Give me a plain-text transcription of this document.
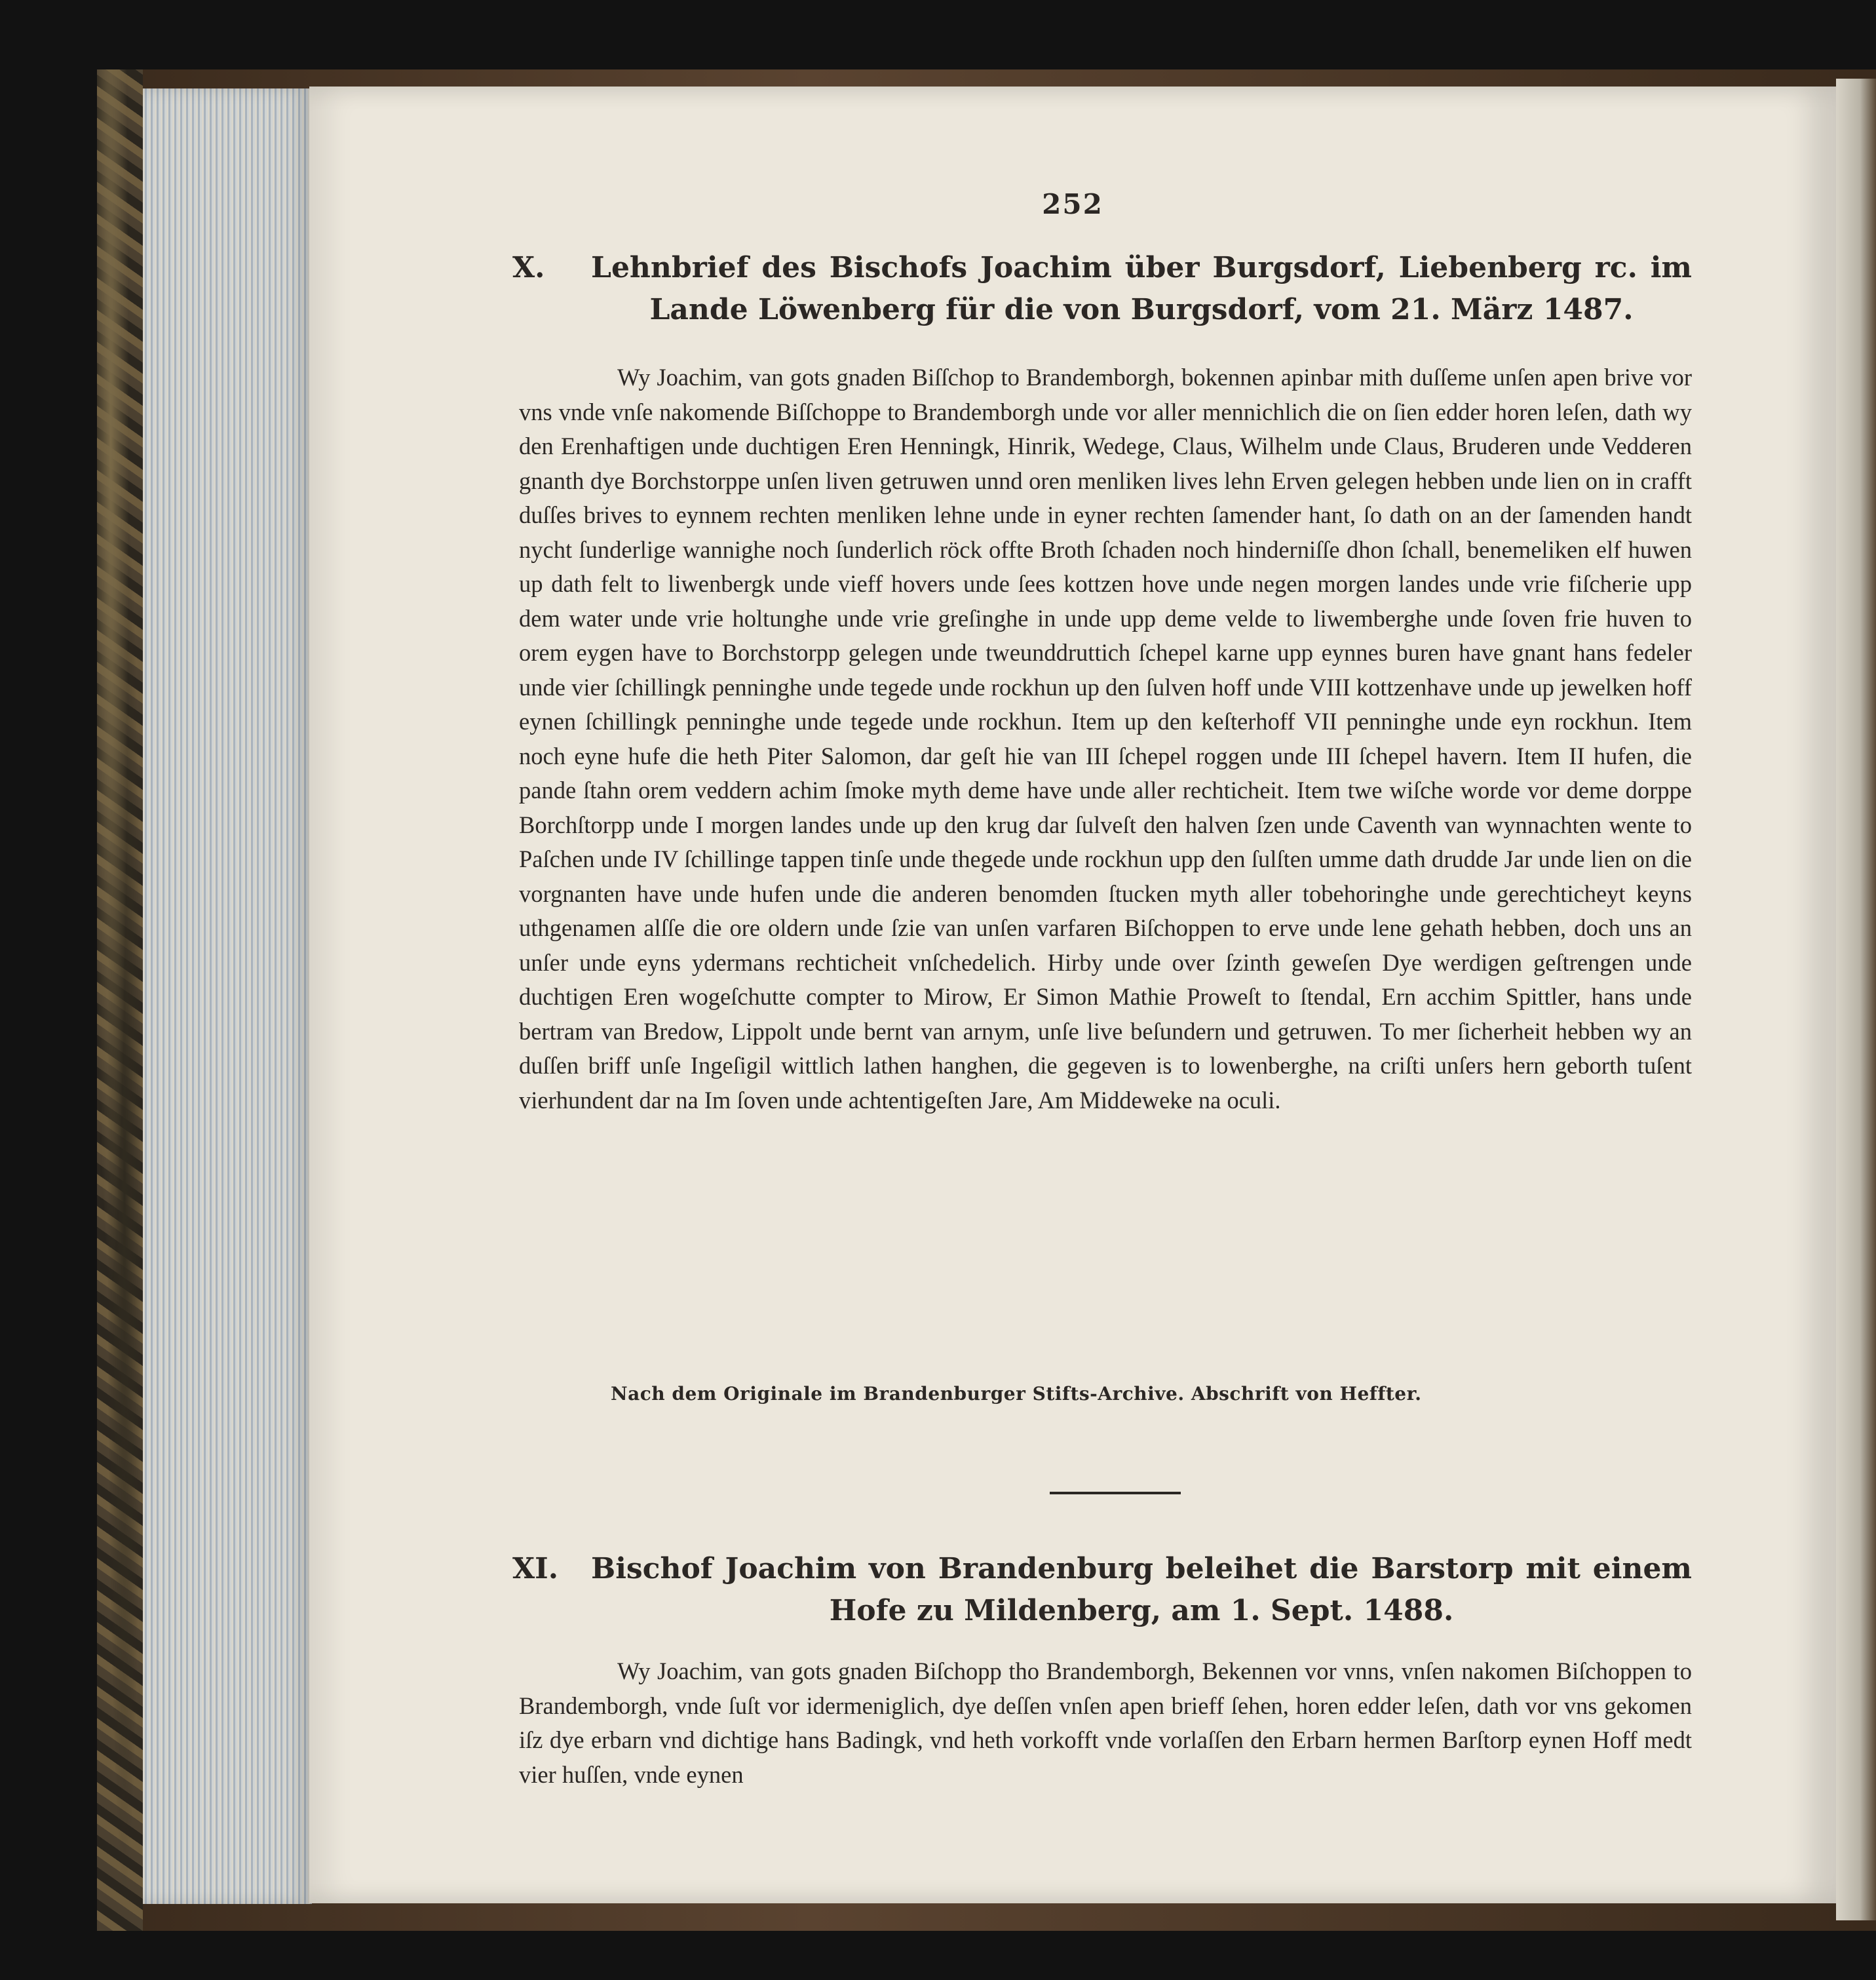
252
X.	Lehnbrief des Bischofs Joachim über Burgsdorf, Liebenberg rc. im Lande Löwenberg für die von Burgsdorf, vom 21. März 1487.

Wy Joachim, van gots gnaden Biſſchop to Brandemborgh, bokennen apinbar mith duſſeme unſen apen brive vor vns vnde vnſe nakomende Biſſchoppe to Brandemborgh unde vor aller mennichlich die on ſien edder horen leſen, dath wy den Erenhaftigen unde duchtigen Eren Henningk, Hinrik, Wedege, Claus, Wilhelm unde Claus, Bruderen unde Vedderen gnanth dye Borchstorppe unſen liven getruwen unnd oren menliken lives lehn Erven gelegen hebben unde lien on in crafft duſſes brives to eynnem rechten menliken lehne unde in eyner rechten ſamender hant, ſo dath on an der ſamenden handt nycht ſunderlige wannighe noch ſunderlich röck offte Broth ſchaden noch hinderniſſe dhon ſchall, benemeliken elf huwen up dath felt to liwenbergk unde vieff hovers unde ſees kottzen hove unde negen morgen landes unde vrie fiſcherie upp dem water unde vrie holtunghe unde vrie greſinghe in unde upp deme velde to liwemberghe unde ſoven frie huven to orem eygen have to Borchstorpp gelegen unde tweunddruttich ſchepel karne upp eynnes buren have gnant hans fedeler unde vier ſchillingk penninghe unde tegede unde rockhun up den ſulven hoff unde VIII kottzenhave unde up jewelken hoff eynen ſchillingk penninghe unde tegede unde rockhun. Item up den keſterhoff VII penninghe unde eyn rockhun. Item noch eyne hufe die heth Piter Salomon, dar geſt hie van III ſchepel roggen unde III ſchepel havern. Item II hufen, die pande ſtahn orem veddern achim ſmoke myth deme have unde aller rechticheit. Item twe wiſche worde vor deme dorppe Borchſtorpp unde I morgen landes unde up den krug dar ſulveſt den halven ſzen unde Caventh van wynnachten wente to Paſchen unde IV ſchillinge tappen tinſe unde thegede unde rockhun upp den ſulſten umme dath drudde Jar unde lien on die vorgnanten have unde hufen unde die anderen benomden ſtucken myth aller tobehoringhe unde gerechticheyt keyns uthgenamen alſſe die ore oldern unde ſzie van unſen varfaren Biſchoppen to erve unde lene gehath hebben, doch uns an unſer unde eyns ydermans rechticheit vnſchedelich. Hirby unde over ſzinth geweſen Dye werdigen geſtrengen unde duchtigen Eren wogeſchutte compter to Mirow, Er Simon Mathie Proweſt to ſtendal, Ern acchim Spittler, hans unde bertram van Bredow, Lippolt unde bernt van arnym, unſe live beſundern und getruwen. To mer ſicherheit hebben wy an duſſen briff unſe Ingeſigil wittlich lathen hanghen, die gegeven is to lowenberghe, na criſti unſers hern geborth tuſent vierhundent dar na Im ſoven unde achtentigeſten Jare, Am Middeweke na oculi.

Nach dem Originale im Brandenburger Stifts-Archive. Abschrift von Heffter.
XI.	Bischof Joachim von Brandenburg beleihet die Barstorp mit einem Hofe zu Mildenberg, am 1. Sept. 1488.

Wy Joachim, van gots gnaden Biſchopp tho Brandemborgh, Bekennen vor vnns, vnſen nakomen Biſchoppen to Brandemborgh, vnde ſuſt vor idermeniglich, dye deſſen vnſen apen brieff ſehen, horen edder leſen, dath vor vns gekomen iſz dye erbarn vnd dichtige hans Badingk, vnd heth vorkofft vnde vorlaſſen den Erbarn hermen Barſtorp eynen Hoff medt vier huſſen, vnde eynen
